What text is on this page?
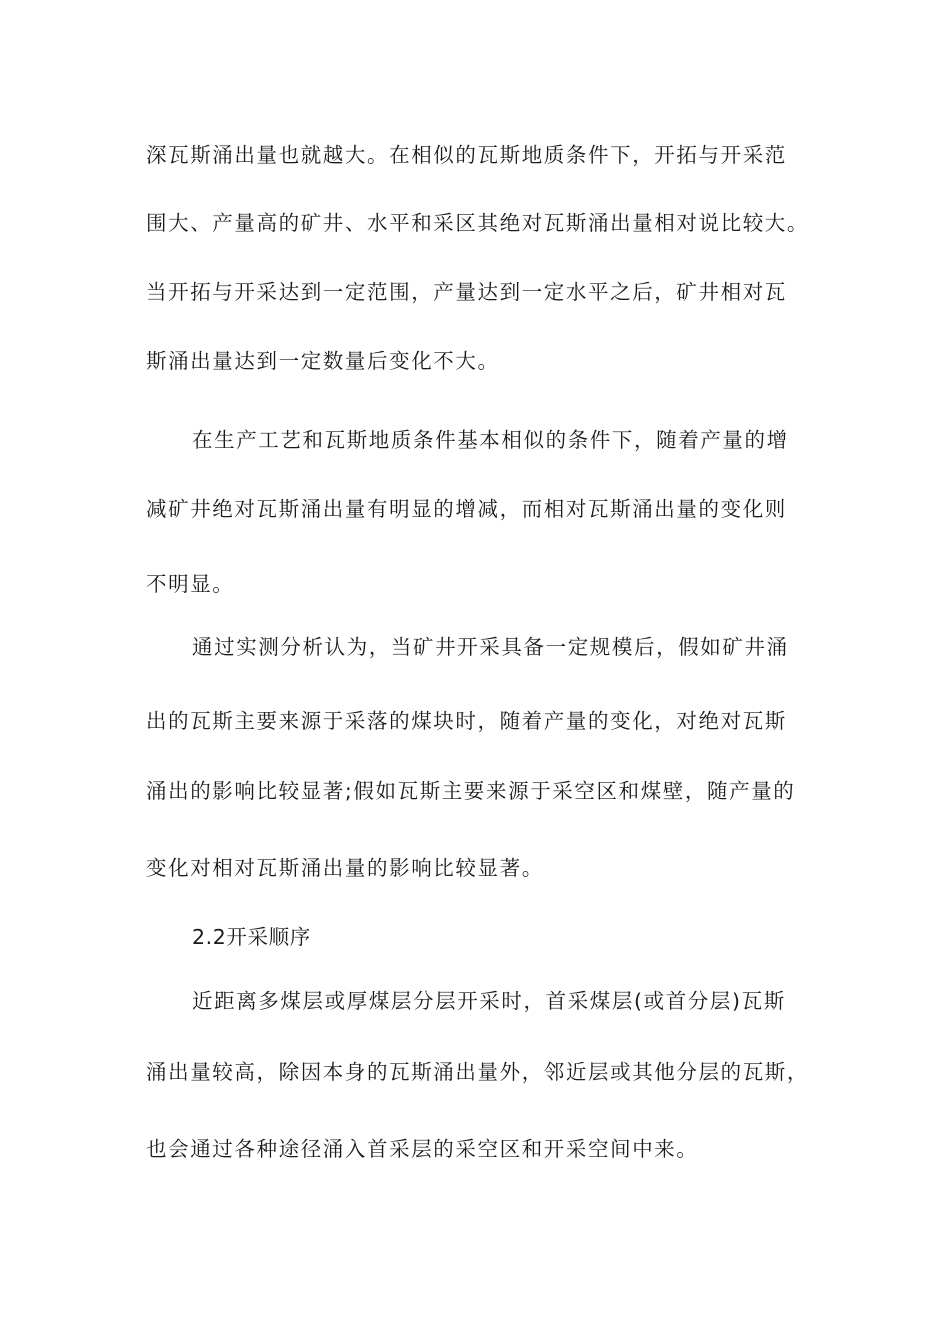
深瓦斯涌出量也就越大。在相似的瓦斯地质条件下，开拓与开采范
围大、产量高的矿井、水平和采区其绝对瓦斯涌出量相对说比较大。
当开拓与开采达到一定范围，产量达到一定水平之后，矿井相对瓦
斯涌出量达到一定数量后变化不大。
在生产工艺和瓦斯地质条件基本相似的条件下，随着产量的增
减矿井绝对瓦斯涌出量有明显的增减，而相对瓦斯涌出量的变化则
不明显。
通过实测分析认为，当矿井开采具备一定规模后，假如矿井涌
出的瓦斯主要来源于采落的煤块时，随着产量的变化，对绝对瓦斯
涌出的影响比较显著;假如瓦斯主要来源于采空区和煤壁，随产量的
变化对相对瓦斯涌出量的影响比较显著。
2.2开采顺序
近距离多煤层或厚煤层分层开采时，首采煤层(或首分层)瓦斯
涌出量较高，除因本身的瓦斯涌出量外，邻近层或其他分层的瓦斯，
也会通过各种途径涌入首采层的采空区和开采空间中来。
